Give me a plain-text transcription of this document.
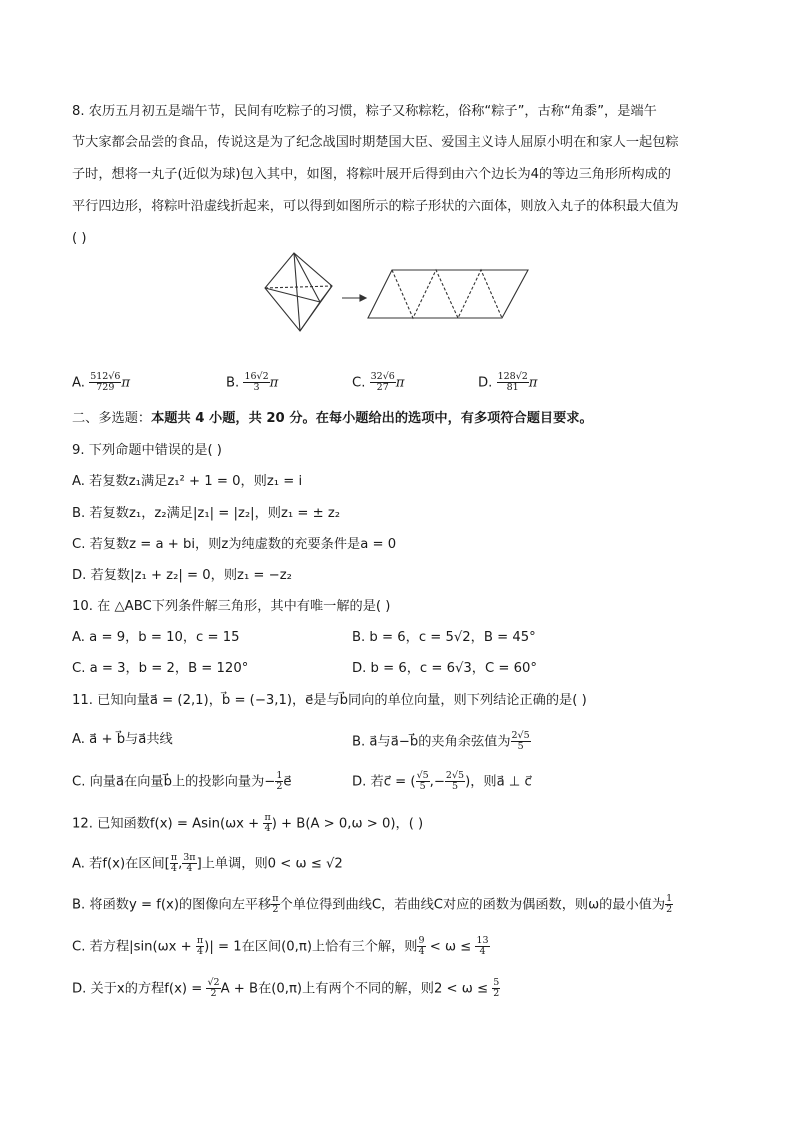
8. 农历五月初五是端午节，民间有吃粽子的习惯，粽子又称粽籺，俗称“粽子”，古称“角黍”，是端午
节大家都会品尝的食品，传说这是为了纪念战国时期楚国大臣、爱国主义诗人屈原小明在和家人一起包粽
子时，想将一丸子(近似为球)包入其中，如图，将粽叶展开后得到由六个边长为4的等边三角形所构成的
平行四边形，将粽叶沿虚线折起来，可以得到如图所示的粽子形状的六面体，则放入丸子的体积最大值为
( )
A. $\frac{512√6}{729}$ π	B. $\frac{16√2}{3}$ π	C. $\frac{32√6}{27}$ π	D. $\frac{128√2}{81}$ π
二、多选题：本题共 4 小题，共 20 分。在每小题给出的选项中，有多项符合题目要求。
9. 下列命题中错误的是( )
A. 若复数z₁满足z₁² + 1 = 0，则z₁ = i
B. 若复数z₁，z₂满足|z₁| = |z₂|，则z₁ = ± z₂
C. 若复数z = a + bi，则z为纯虚数的充要条件是a = 0
D. 若复数|z₁ + z₂| = 0，则z₁ = −z₂
10. 在 △ABC下列条件解三角形，其中有唯一解的是( )
A. a = 9，b = 10，c = 15	B. b = 6，c = 5√2，B = 45°
C. a = 3，b = 2，B = 120°	D. b = 6，c = 6√3，C = 60°
11. 已知向量a⃗ = (2,1)，b⃗ = (−3,1)，e⃗是与b⃗同向的单位向量，则下列结论正确的是( )
A. a⃗ + b⃗与a⃗共线	B. a⃗与a⃗−b⃗的夹角余弦值为 $\frac{2√5}{5}$
C. 向量a⃗在向量b⃗上的投影向量为− $\frac{1}{2}$ e⃗	D. 若c⃗ = ( $\frac{√5}{5}$ ,− $\frac{2√5}{5}$ )，则a⃗ ⊥ c⃗
12. 已知函数$f(x) = Asin(\omega x + \frac{\pi}{4}$ ) + B(A > 0,ω > 0)，( )
A. 若f(x)在区间[ $\frac{\pi}{4}$ , $\frac{3\pi}{4}$ ]上单调，则0 < ω ≤ √2
B. 将函数y = f(x)的图像向左平移 $\frac{\pi}{2}$ 个单位得到曲线C，若曲线C对应的函数为偶函数，则ω的最小值为 $\frac{1}{2}$
C. 若方程$|\sin(\omega x + \frac{\pi}{4}$ )| = 1在区间(0,π)上恰有三个解，则 $\frac{9}{4} < \omega \le \frac{13}{4}$
D. 关于x的方程$f(x) = \frac{√2}{2}$ A + B在(0,π)上有两个不同的解，则$2 < \omega \le \frac{5}{2}$
